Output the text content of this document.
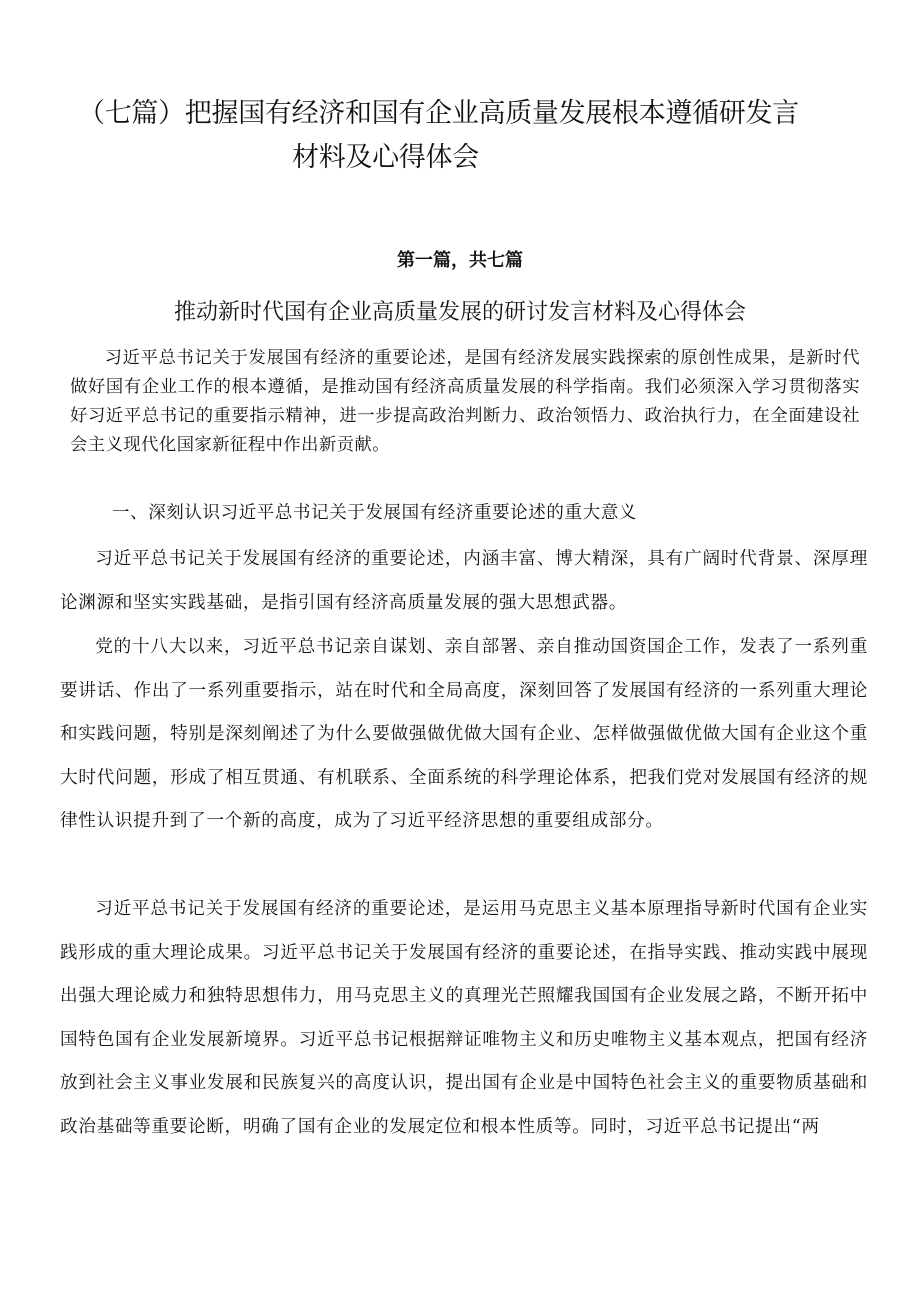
（七篇）把握国有经济和国有企业高质量发展根本遵循研发言
材料及心得体会
第一篇，共七篇
推动新时代国有企业高质量发展的研讨发言材料及心得体会

习近平总书记关于发展国有经济的重要论述，是国有经济发展实践探索的原创性成果，是新时代做好国有企业工作的根本遵循，是推动国有经济高质量发展的科学指南。我们必须深入学习贯彻落实好习近平总书记的重要指示精神，进一步提高政治判断力、政治领悟力、政治执行力，在全面建设社会主义现代化国家新征程中作出新贡献。

一、深刻认识习近平总书记关于发展国有经济重要论述的重大意义

习近平总书记关于发展国有经济的重要论述，内涵丰富、博大精深，具有广阔时代背景、深厚理论渊源和坚实实践基础，是指引国有经济高质量发展的强大思想武器。

党的十八大以来，习近平总书记亲自谋划、亲自部署、亲自推动国资国企工作，发表了一系列重要讲话、作出了一系列重要指示，站在时代和全局高度，深刻回答了发展国有经济的一系列重大理论和实践问题，特别是深刻阐述了为什么要做强做优做大国有企业、怎样做强做优做大国有企业这个重大时代问题，形成了相互贯通、有机联系、全面系统的科学理论体系，把我们党对发展国有经济的规律性认识提升到了一个新的高度，成为了习近平经济思想的重要组成部分。

习近平总书记关于发展国有经济的重要论述，是运用马克思主义基本原理指导新时代国有企业实践形成的重大理论成果。习近平总书记关于发展国有经济的重要论述，在指导实践、推动实践中展现出强大理论威力和独特思想伟力，用马克思主义的真理光芒照耀我国国有企业发展之路，不断开拓中国特色国有企业发展新境界。习近平总书记根据辩证唯物主义和历史唯物主义基本观点，把国有经济放到社会主义事业发展和民族复兴的高度认识，提出国有企业是中国特色社会主义的重要物质基础和政治基础等重要论断，明确了国有企业的发展定位和根本性质等。同时，习近平总书记提出“两
